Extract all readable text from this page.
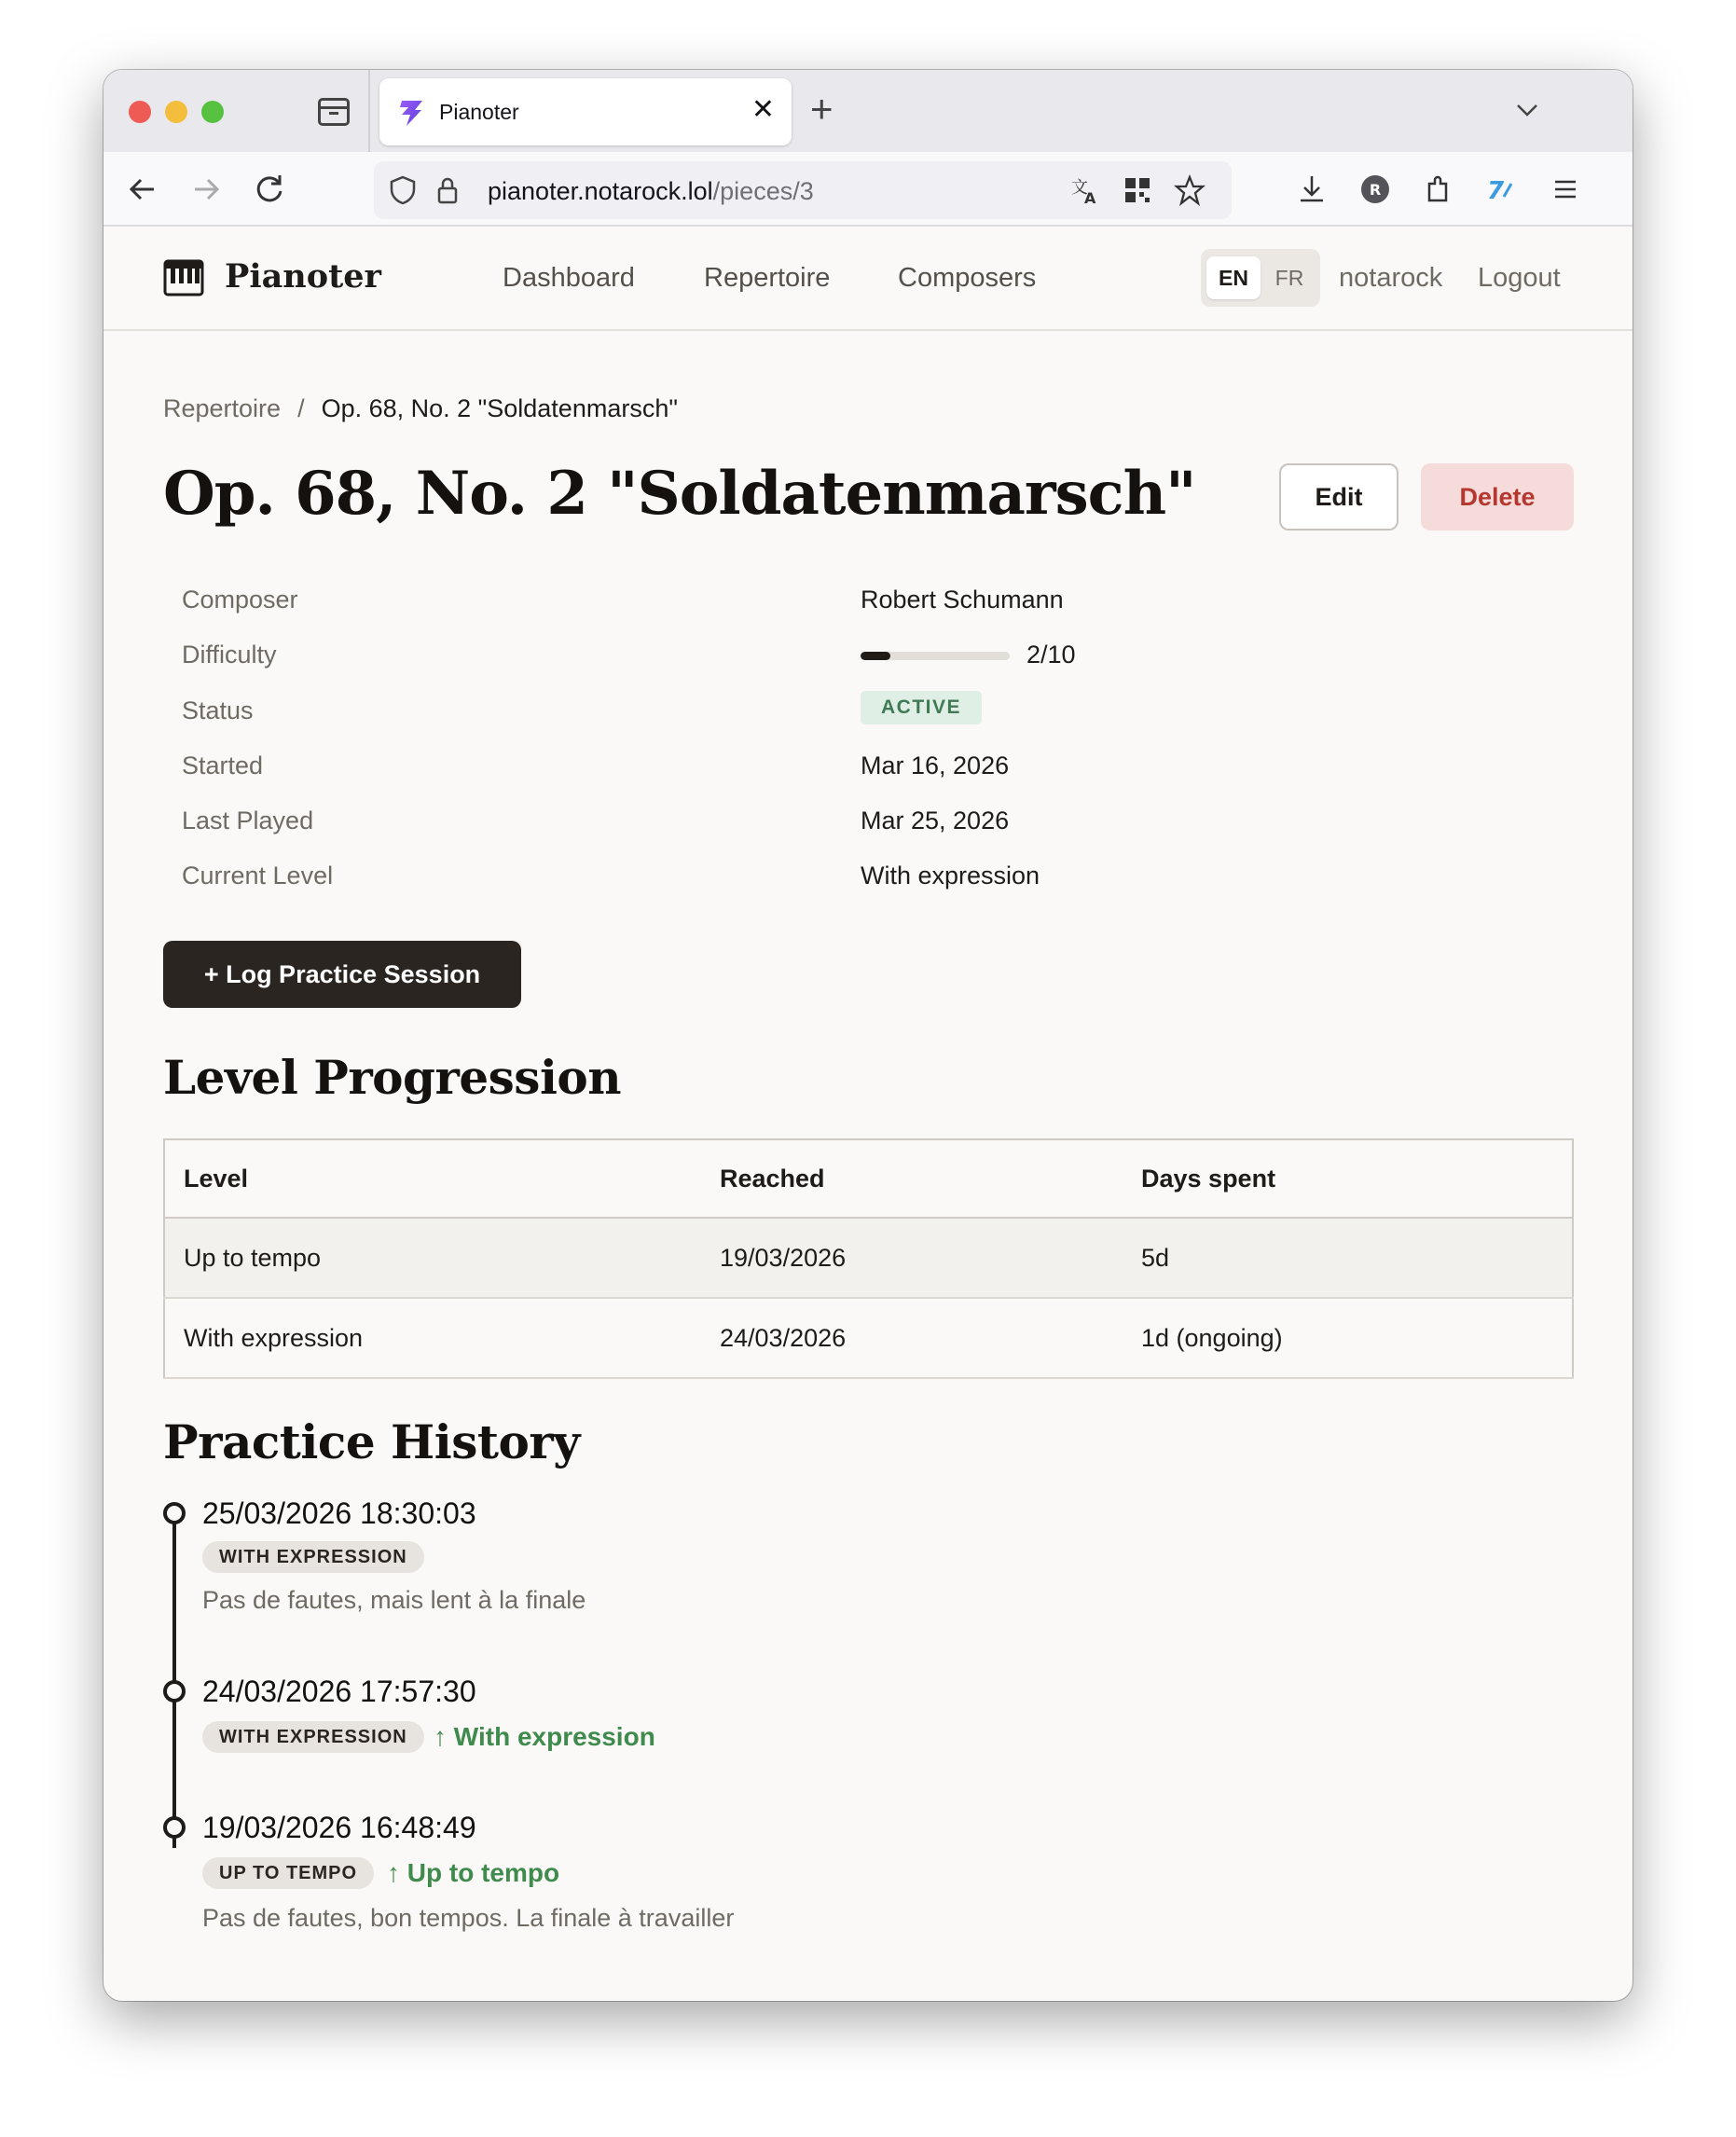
Pianoter	✕ +
pianoter.notarock.lol/pieces/3	文
A	R	7
Pianoter	Dashboard	Repertoire	Composers	EN	FR	notarock Logout
Repertoire / Op. 68, No. 2 "Soldatenmarsch"
Op. 68, No. 2 "Soldatenmarsch"	Edit	Delete
Composer	Robert Schumann
Difficulty	2/10
Status	ACTIVE
Started	Mar 16, 2026
Last Played	Mar 25, 2026
Current Level	With expression
+ Log Practice Session
Level Progression
Level	Reached	Days spent
Up to tempo	19/03/2026	5d
With expression	24/03/2026	1d (ongoing)
Practice History
25/03/2026 18:30:03
WITH EXPRESSION
Pas de fautes, mais lent à la finale
24/03/2026 17:57:30
WITH EXPRESSION	↑ With expression
19/03/2026 16:48:49
UP TO TEMPO	↑ Up to tempo
Pas de fautes, bon tempos. La finale à travailler
